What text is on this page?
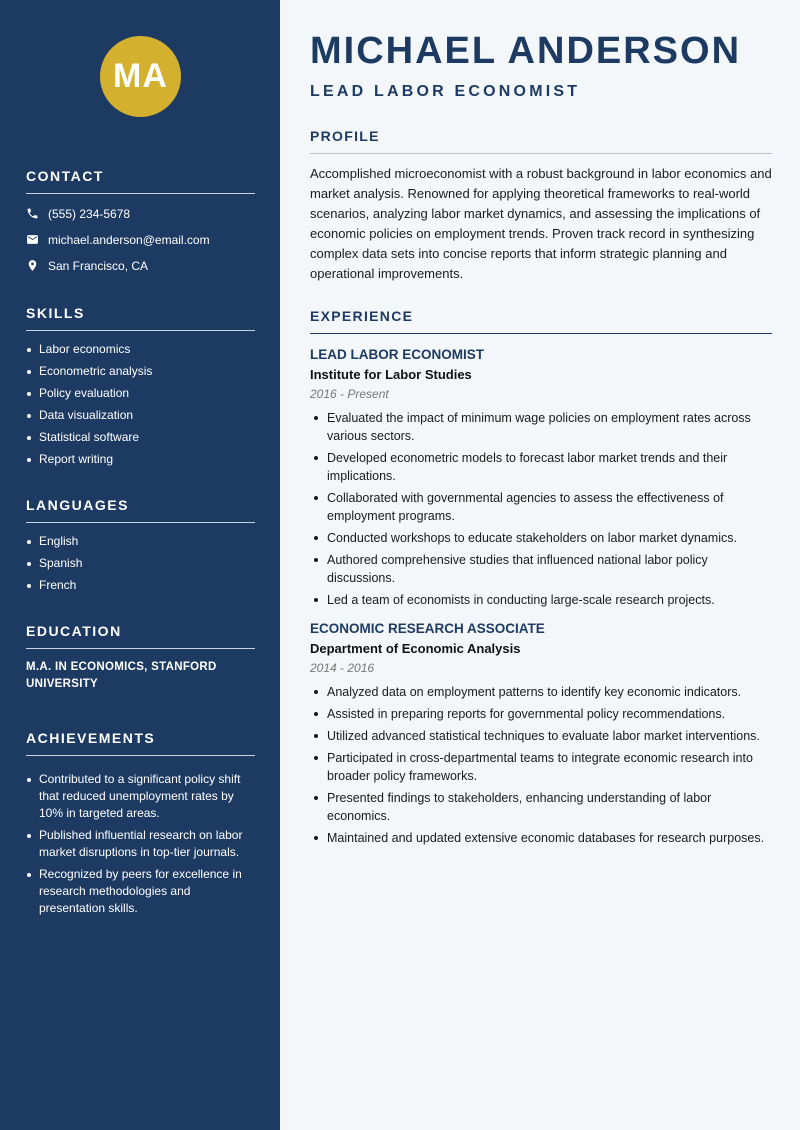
MA
CONTACT
(555) 234-5678
michael.anderson@email.com
San Francisco, CA
SKILLS
Labor economics
Econometric analysis
Policy evaluation
Data visualization
Statistical software
Report writing
LANGUAGES
English
Spanish
French
EDUCATION

M.A. IN ECONOMICS, STANFORD UNIVERSITY

ACHIEVEMENTS
Contributed to a significant policy shift that reduced unemployment rates by 10% in targeted areas.
Published influential research on labor market disruptions in top-tier journals.
Recognized by peers for excellence in research methodologies and presentation skills.
MICHAEL ANDERSON
LEAD LABOR ECONOMIST
PROFILE

Accomplished microeconomist with a robust background in labor economics and market analysis. Renowned for applying theoretical frameworks to real-world scenarios, analyzing labor market dynamics, and assessing the implications of economic policies on employment trends. Proven track record in synthesizing complex data sets into concise reports that inform strategic planning and operational improvements.

EXPERIENCE
LEAD LABOR ECONOMIST

Institute for Labor Studies

2016 - Present

Evaluated the impact of minimum wage policies on employment rates across various sectors.
Developed econometric models to forecast labor market trends and their implications.
Collaborated with governmental agencies to assess the effectiveness of employment programs.
Conducted workshops to educate stakeholders on labor market dynamics.
Authored comprehensive studies that influenced national labor policy discussions.
Led a team of economists in conducting large-scale research projects.
ECONOMIC RESEARCH ASSOCIATE

Department of Economic Analysis

2014 - 2016

Analyzed data on employment patterns to identify key economic indicators.
Assisted in preparing reports for governmental policy recommendations.
Utilized advanced statistical techniques to evaluate labor market interventions.
Participated in cross-departmental teams to integrate economic research into broader policy frameworks.
Presented findings to stakeholders, enhancing understanding of labor economics.
Maintained and updated extensive economic databases for research purposes.
